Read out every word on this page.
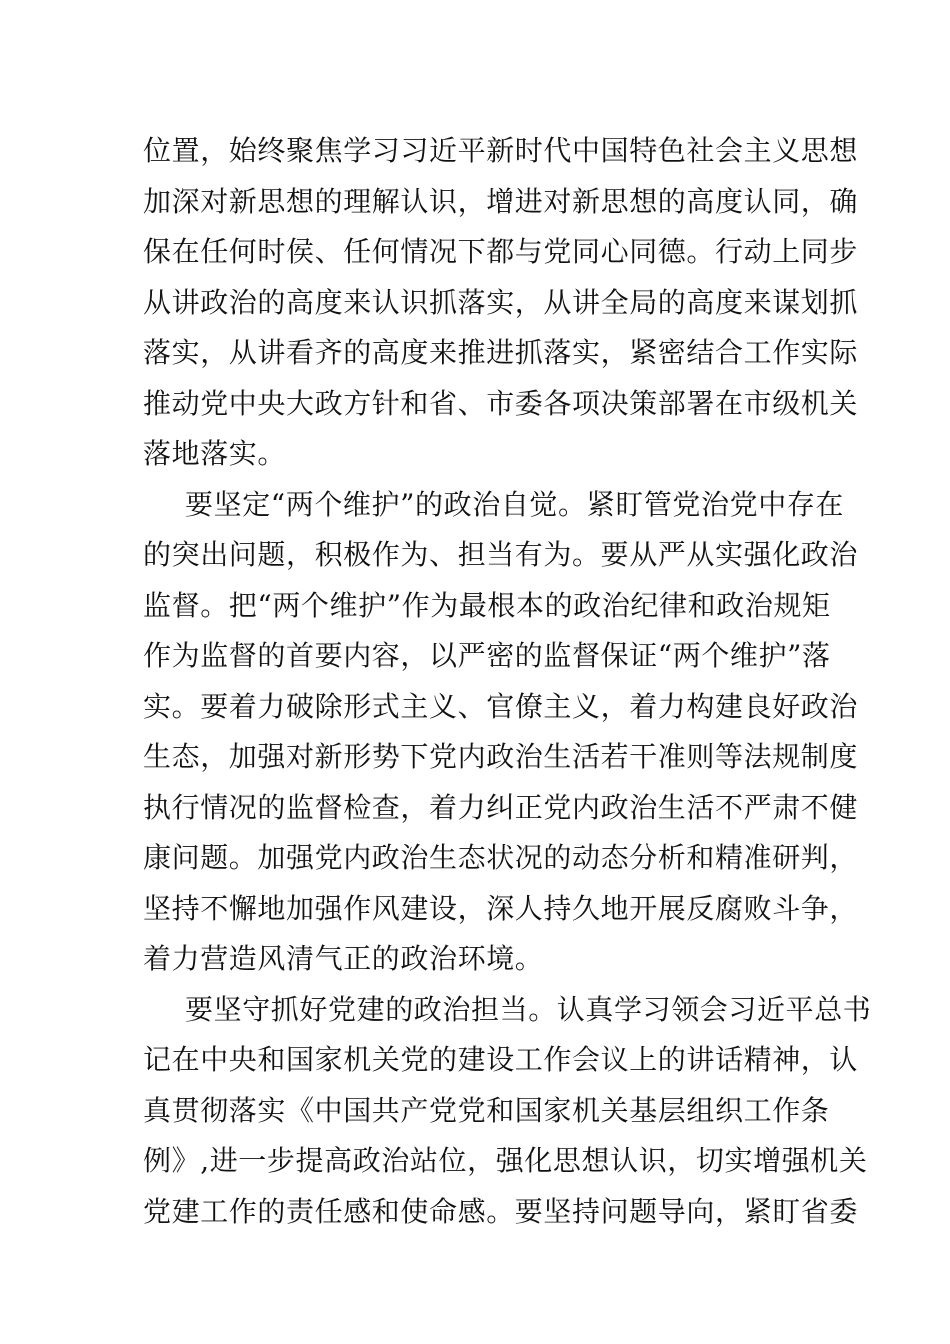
位置，始终聚焦学习习近平新时代中国特色社会主义思想
加深对新思想的理解认识，增进对新思想的高度认同，确
保在任何时侯、任何情况下都与党同心同德。行动上同步
从讲政治的高度来认识抓落实，从讲全局的高度来谋划抓
落实，从讲看齐的高度来推进抓落实，紧密结合工作实际
推动党中央大政方针和省、市委各项决策部署在市级机关
落地落实。
要坚定“两个维护”的政治自觉。紧盯管党治党中存在
的突出问题，积极作为、担当有为。要从严从实强化政治
监督。把“两个维护”作为最根本的政治纪律和政治规矩
作为监督的首要内容，以严密的监督保证“两个维护”落
实。要着力破除形式主义、官僚主义，着力构建良好政治
生态，加强对新形势下党内政治生活若干准则等法规制度
执行情况的监督检查，着力纠正党内政治生活不严肃不健
康问题。加强党内政治生态状况的动态分析和精准研判，
坚持不懈地加强作风建设，深人持久地开展反腐败斗争，
着力营造风清气正的政治环境。
要坚守抓好党建的政治担当。认真学习领会习近平总书
记在中央和国家机关党的建设工作会议上的讲话精神，认
真贯彻落实《中国共产党党和国家机关基层组织工作条
例》,进一步提高政治站位，强化思想认识，切实增强机关
党建工作的责任感和使命感。要坚持问题导向，紧盯省委
